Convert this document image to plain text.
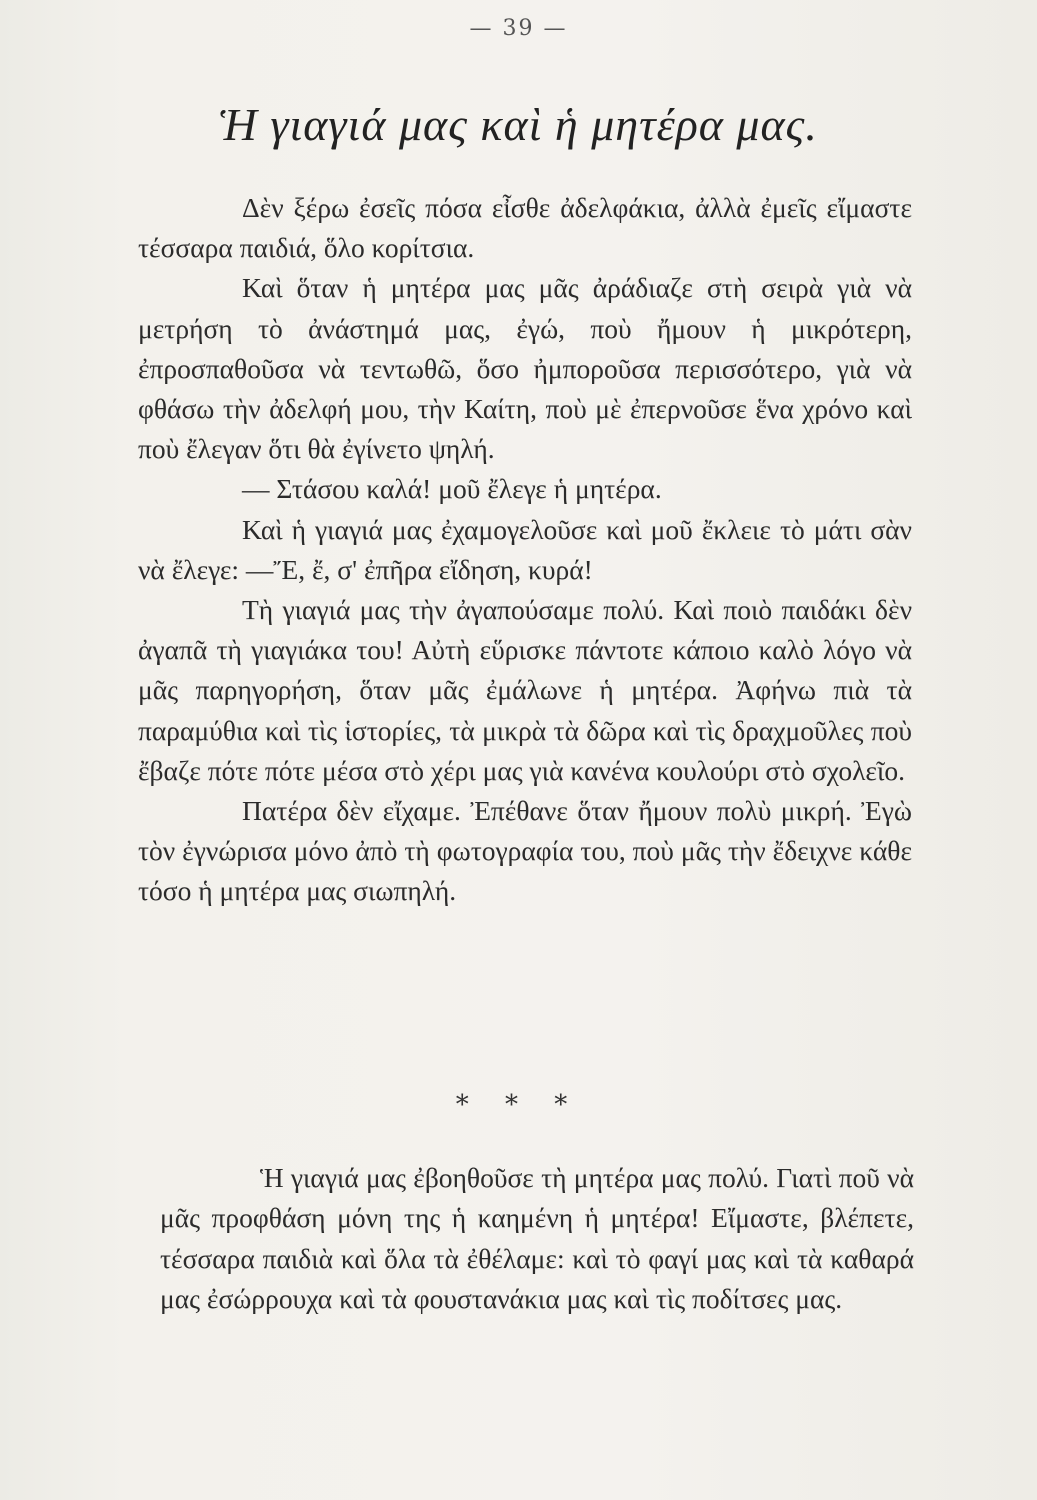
— 39 —
Ἡ γιαγιά μας καὶ ἡ μητέρα μας.

Δὲν ξέρω ἐσεῖς πόσα εἶσθε ἀδελφάκια, ἀλλὰ ἐμεῖς εἴμαστε τέσσαρα παιδιά, ὅλο κορίτσια.

Καὶ ὅταν ἡ μητέρα μας μᾶς ἀράδιαζε στὴ σειρὰ γιὰ νὰ μετρήση τὸ ἀνάστημά μας, ἐγώ, ποὺ ἤμουν ἡ μικρότερη, ἐπροσπαθοῦσα νὰ τεντωθῶ, ὅσο ἠμποροῦσα περισσότερο, γιὰ νὰ φθάσω τὴν ἀδελφή μου, τὴν Καίτη, ποὺ μὲ ἐπερνοῦσε ἕνα χρόνο καὶ ποὺ ἔλεγαν ὅτι θὰ ἐγίνετο ψηλή.

— Στάσου καλά! μοῦ ἔλεγε ἡ μητέρα.

Καὶ ἡ γιαγιά μας ἐχαμογελοῦσε καὶ μοῦ ἔκλειε τὸ μάτι σὰν νὰ ἔλεγε: —Ἔ, ἔ, σ' ἐπῆρα εἴδηση, κυρά!

Τὴ γιαγιά μας τὴν ἀγαπούσαμε πολύ. Καὶ ποιὸ παιδάκι δὲν ἀγαπᾶ τὴ γιαγιάκα του! Αὐτὴ εὕρισκε πάντοτε κάποιο καλὸ λόγο νὰ μᾶς παρηγορήση, ὅταν μᾶς ἐμάλωνε ἡ μητέρα. Ἀφήνω πιὰ τὰ παραμύθια καὶ τὶς ἱστορίες, τὰ μικρὰ τὰ δῶρα καὶ τὶς δραχμοῦλες ποὺ ἔβαζε πότε πότε μέσα στὸ χέρι μας γιὰ κανένα κουλούρι στὸ σχολεῖο.

Πατέρα δὲν εἴχαμε. Ἐπέθανε ὅταν ἤμουν πολὺ μικρή. Ἐγὼ τὸν ἐγνώρισα μόνο ἀπὸ τὴ φωτογραφία του, ποὺ μᾶς τὴν ἔδειχνε κάθε τόσο ἡ μητέρα μας σιωπηλή.

* * *

Ἡ γιαγιά μας ἐβοηθοῦσε τὴ μητέρα μας πολύ. Γιατὶ ποῦ νὰ μᾶς προφθάση μόνη της ἡ καημένη ἡ μητέρα! Εἴμαστε, βλέπετε, τέσσαρα παιδιὰ καὶ ὅλα τὰ ἐθέλαμε: καὶ τὸ φαγί μας καὶ τὰ καθαρά μας ἐσώρρουχα καὶ τὰ φουστανάκια μας καὶ τὶς ποδίτσες μας.
